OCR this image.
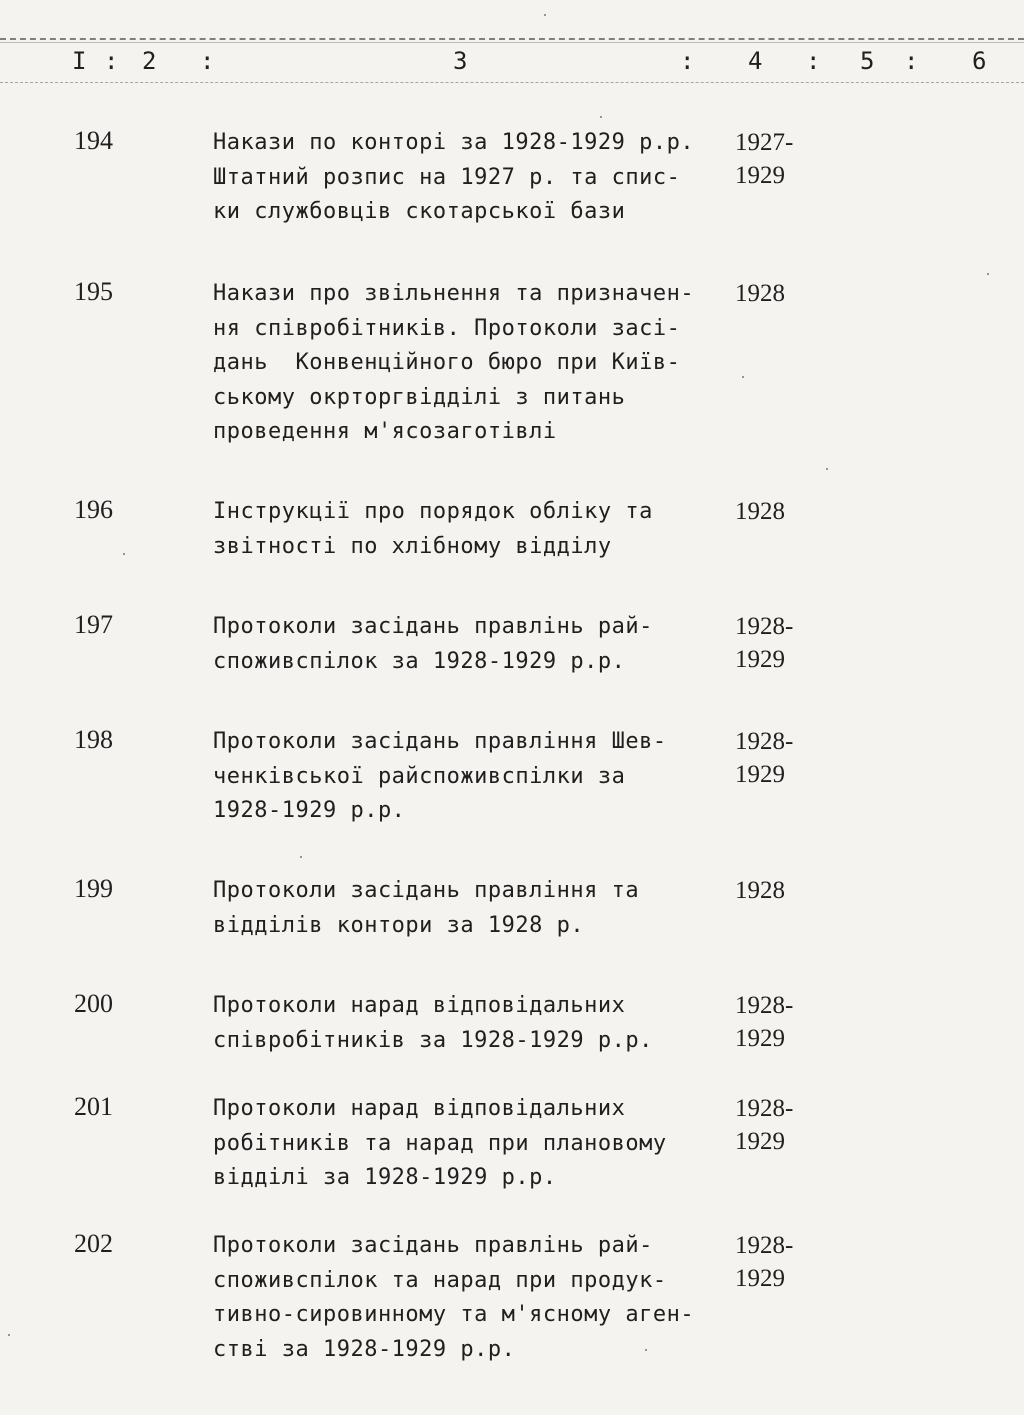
I : 2 :	3	: 4 : 5 : 6
194	Накази по конторі за 1928-1929 р.р.
Штатний розпис на 1927 р. та спис-
ки службовців скотарської бази
1927-
1929
195	Накази про звільнення та призначен-
ня співробітників. Протоколи засі-
дань  Конвенційного бюро при Київ-
ському окрторгвідділі з питань
проведення м'ясозаготівлі
1928
196	Інструкції про порядок обліку та
звітності по хлібному відділу
1928
197	Протоколи засідань правлінь рай-
споживспілок за 1928-1929 р.р.
1928-
1929
198	Протоколи засідань правління Шев-
ченківської райспоживспілки за
1928-1929 р.р.
1928-
1929
199	Протоколи засідань правління та
відділів контори за 1928 р.
1928
200	Протоколи нарад відповідальних
співробітників за 1928-1929 р.р.
1928-
1929
201	Протоколи нарад відповідальних
робітників та нарад при плановому
відділі за 1928-1929 р.р.
1928-
1929
202	Протоколи засідань правлінь рай-
споживспілок та нарад при продук-
тивно-сировинному та м'ясному аген-
стві за 1928-1929 р.р.
1928-
1929
